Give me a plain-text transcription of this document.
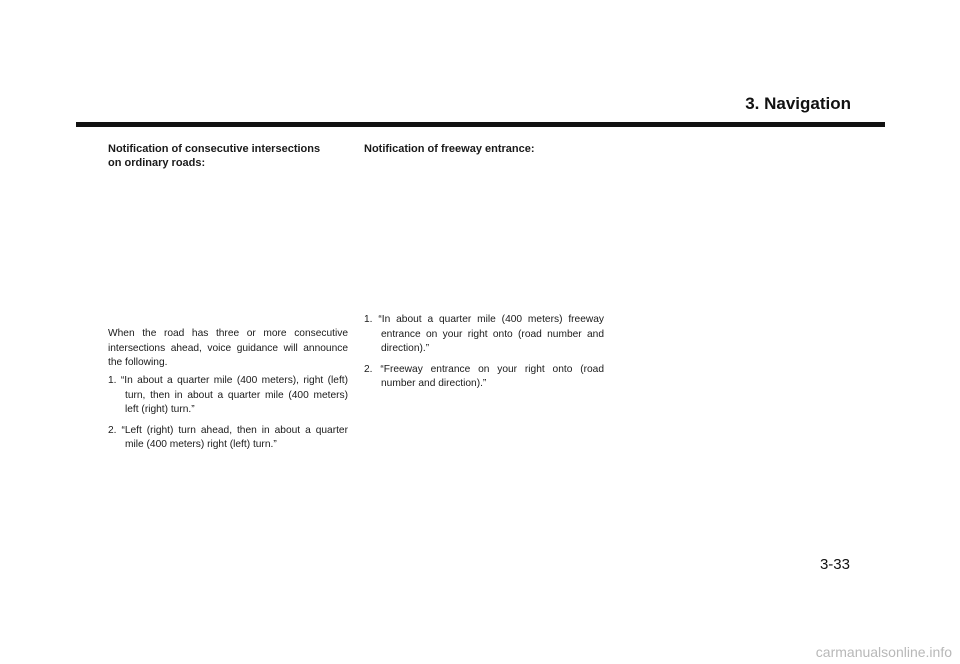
3. Navigation

Notification of consecutive intersections
on ordinary roads:

When the road has three or more consecutive intersections ahead, voice guidance will announce the following.

1. “In about a quarter mile (400 meters), right (left) turn, then in about a quarter mile (400 meters) left (right) turn.”
2. “Left (right) turn ahead, then in about a quarter mile (400 meters) right (left) turn.”

Notification of freeway entrance:

1. “In about a quarter mile (400 meters) freeway entrance on your right onto (road number and direction).”
2. “Freeway entrance on your right onto (road number and direction).”
3-33
carmanualsonline.info
